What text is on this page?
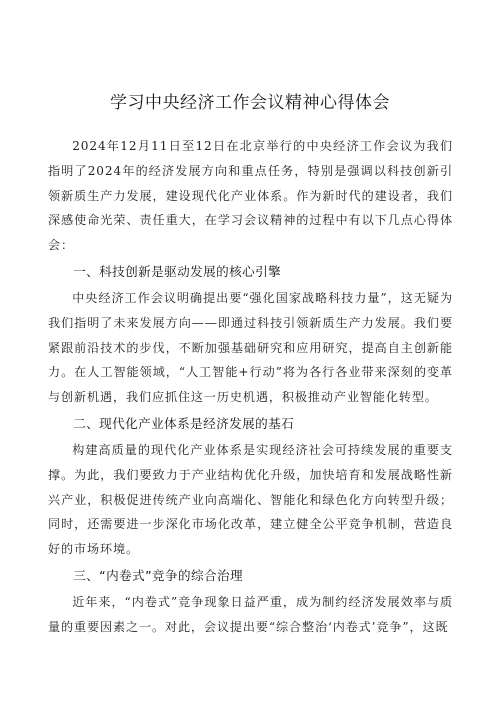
学习中央经济工作会议精神心得体会

2024年12月11日至12日在北京举行的中央经济工作会议为我们指明了2024年的经济发展方向和重点任务，特别是强调以科技创新引领新质生产力发展，建设现代化产业体系。作为新时代的建设者，我们深感使命光荣、责任重大，在学习会议精神的过程中有以下几点心得体会：

一、科技创新是驱动发展的核心引擎

中央经济工作会议明确提出要“强化国家战略科技力量”，这无疑为我们指明了未来发展方向——即通过科技引领新质生产力发展。我们要紧跟前沿技术的步伐，不断加强基础研究和应用研究，提高自主创新能力。在人工智能领域，“人工智能+行动”将为各行各业带来深刻的变革与创新机遇，我们应抓住这一历史机遇，积极推动产业智能化转型。

二、现代化产业体系是经济发展的基石

构建高质量的现代化产业体系是实现经济社会可持续发展的重要支撑。为此，我们要致力于产业结构优化升级，加快培育和发展战略性新兴产业，积极促进传统产业向高端化、智能化和绿色化方向转型升级；同时，还需要进一步深化市场化改革，建立健全公平竞争机制，营造良好的市场环境。

三、“内卷式”竞争的综合治理

近年来，“内卷式”竞争现象日益严重，成为制约经济发展效率与质量的重要因素之一。对此，会议提出要“综合整治‘内卷式’竞争”，这既
